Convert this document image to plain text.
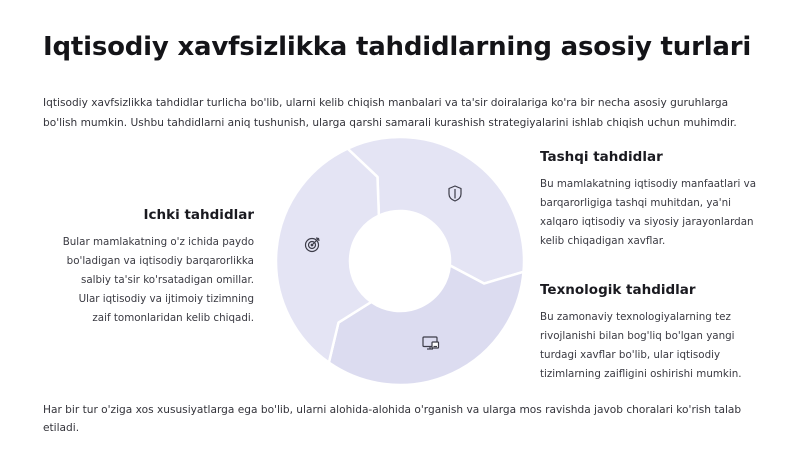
Iqtisodiy xavfsizlikka tahdidlarning asosiy turlari

Iqtisodiy xavfsizlikka tahdidlar turlicha bo'lib, ularni kelib chiqish manbalari va ta'sir doiralariga ko'ra bir necha asosiy guruhlarga bo'lish mumkin. Ushbu tahdidlarni aniq tushunish, ularga qarshi samarali kurashish strategiyalarini ishlab chiqish uchun muhimdir.

Ichki tahdidlar

Bular mamlakatning o'z ichida paydo bo'ladigan va iqtisodiy barqarorlikka salbiy ta'sir ko'rsatadigan omillar. Ular iqtisodiy va ijtimoiy tizimning zaif tomonlaridan kelib chiqadi.

Tashqi tahdidlar

Bu mamlakatning iqtisodiy manfaatlari va barqarorligiga tashqi muhitdan, ya'ni xalqaro iqtisodiy va siyosiy jarayonlardan kelib chiqadigan xavflar.

Texnologik tahdidlar

Bu zamonaviy texnologiyalarning tez rivojlanishi bilan bog'liq bo'lgan yangi turdagi xavflar bo'lib, ular iqtisodiy tizimlarning zaifligini oshirishi mumkin.

Har bir tur o'ziga xos xususiyatlarga ega bo'lib, ularni alohida-alohida o'rganish va ularga mos ravishda javob choralari ko'rish talab etiladi.
